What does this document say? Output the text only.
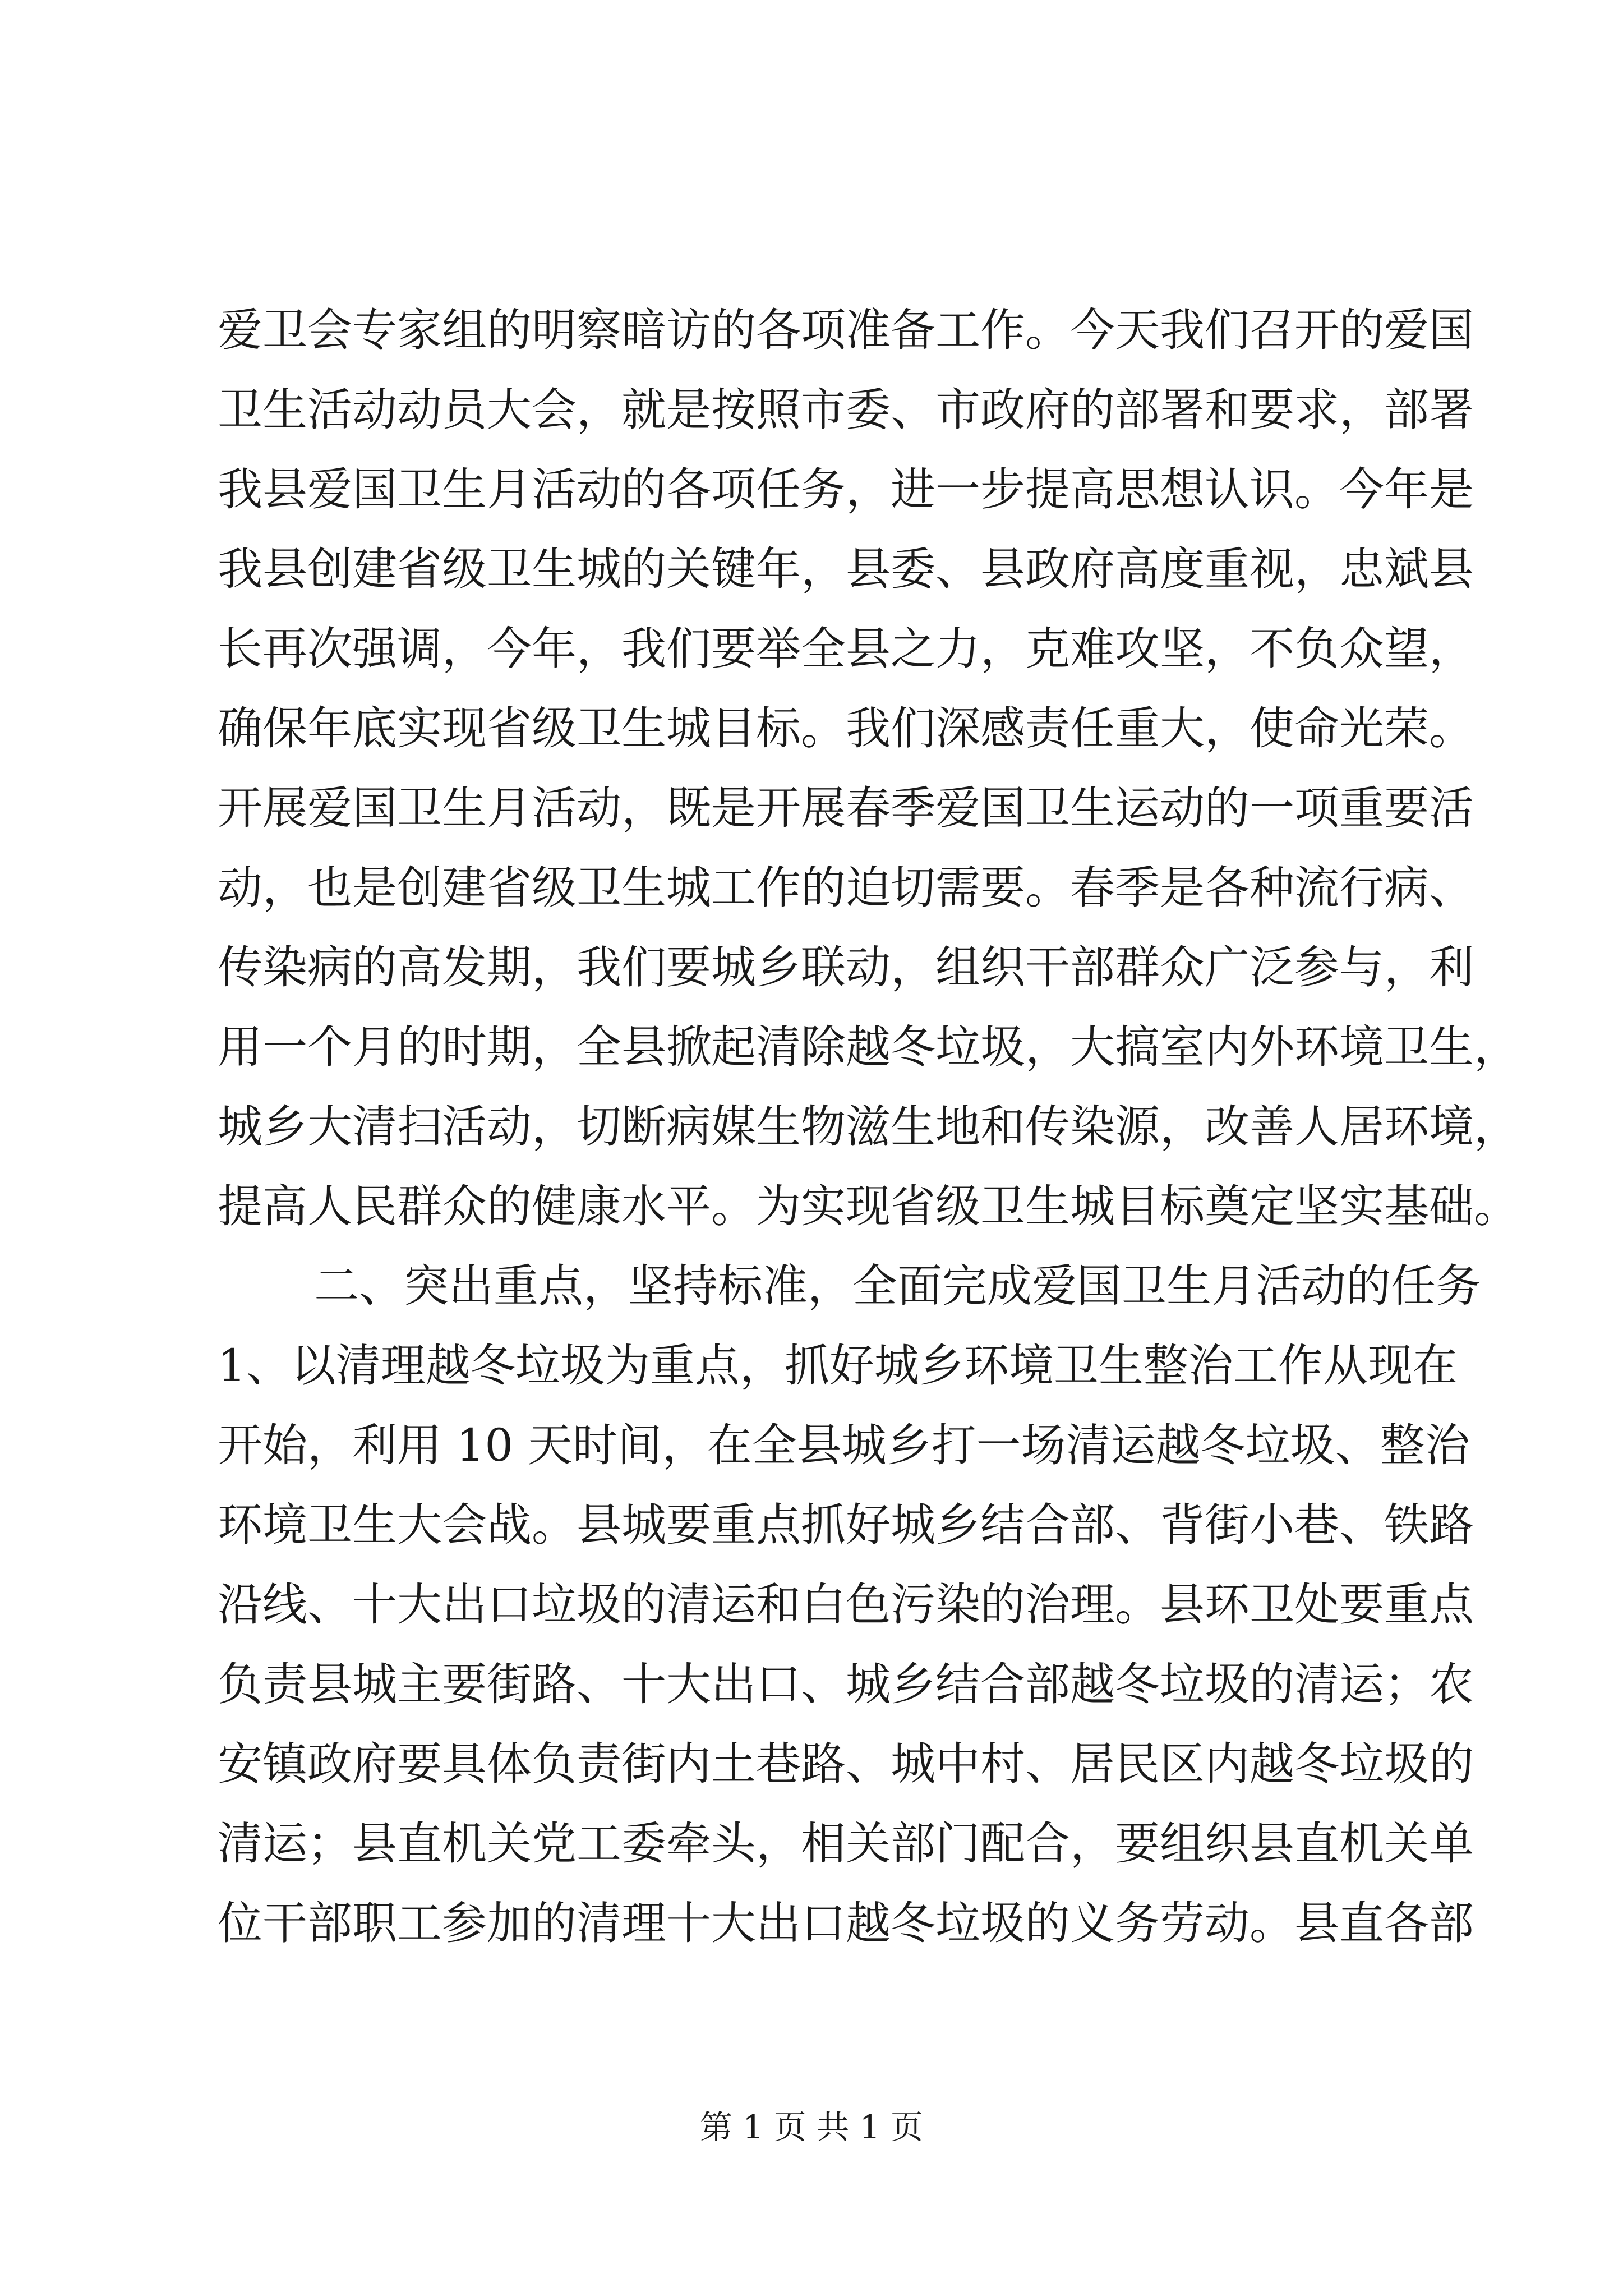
爱卫会专家组的明察暗访的各项准备工作。今天我们召开的爱国
卫生活动动员大会，就是按照市委、市政府的部署和要求，部署
我县爱国卫生月活动的各项任务，进一步提高思想认识。今年是
我县创建省级卫生城的关键年，县委、县政府高度重视，忠斌县
长再次强调，今年，我们要举全县之力，克难攻坚，不负众望，
确保年底实现省级卫生城目标。我们深感责任重大，使命光荣。
开展爱国卫生月活动，既是开展春季爱国卫生运动的一项重要活
动，也是创建省级卫生城工作的迫切需要。春季是各种流行病、
传染病的高发期，我们要城乡联动，组织干部群众广泛参与，利
用一个月的时期，全县掀起清除越冬垃圾，大搞室内外环境卫生，
城乡大清扫活动，切断病媒生物滋生地和传染源，改善人居环境，
提高人民群众的健康水平。为实现省级卫生城目标奠定坚实基础。
二、突出重点，坚持标准，全面完成爱国卫生月活动的任务
1、以清理越冬垃圾为重点，抓好城乡环境卫生整治工作从现在
开始，利用 10 天时间，在全县城乡打一场清运越冬垃圾、整治
环境卫生大会战。县城要重点抓好城乡结合部、背街小巷、铁路
沿线、十大出口垃圾的清运和白色污染的治理。县环卫处要重点
负责县城主要街路、十大出口、城乡结合部越冬垃圾的清运；农
安镇政府要具体负责街内土巷路、城中村、居民区内越冬垃圾的
清运；县直机关党工委牵头，相关部门配合，要组织县直机关单
位干部职工参加的清理十大出口越冬垃圾的义务劳动。县直各部
第 1 页 共 1 页
